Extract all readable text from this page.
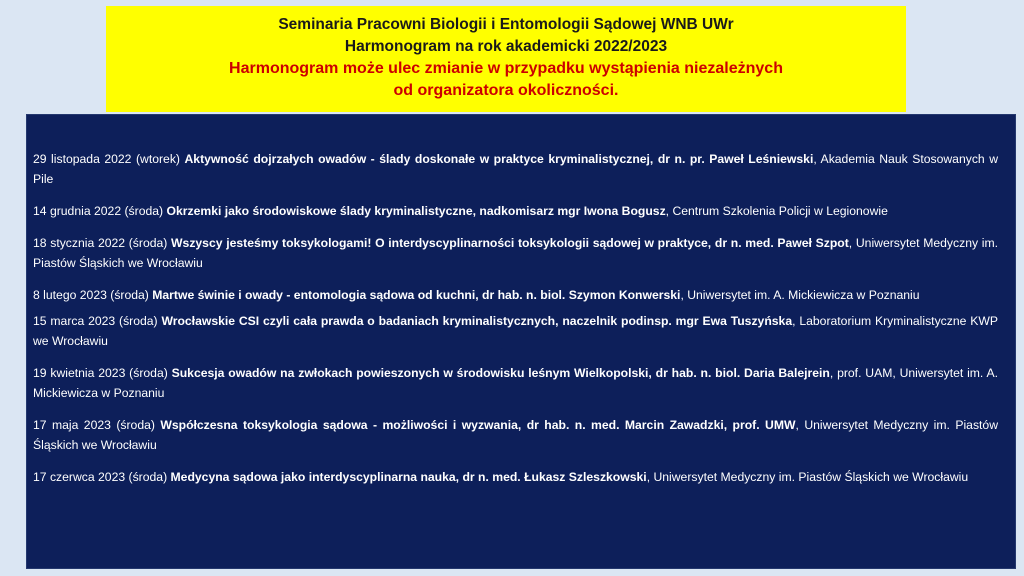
Seminaria Pracowni Biologii i Entomologii Sądowej WNB UWr
Harmonogram na rok akademicki 2022/2023
Harmonogram może ulec zmianie w przypadku wystąpienia niezależnych
od organizatora okoliczności.

29 listopada 2022 (wtorek) Aktywność dojrzałych owadów - ślady doskonałe w praktyce kryminalistycznej, dr n. pr. Paweł Leśniewski, Akademia Nauk Stosowanych w Pile

14 grudnia 2022 (środa) Okrzemki jako środowiskowe ślady kryminalistyczne, nadkomisarz mgr Iwona Bogusz, Centrum Szkolenia Policji w Legionowie

18 stycznia 2022 (środa) Wszyscy jesteśmy toksykologami! O interdyscyplinarności toksykologii sądowej w praktyce, dr n. med. Paweł Szpot, Uniwersytet Medyczny im. Piastów Śląskich we Wrocławiu

8 lutego 2023 (środa) Martwe świnie i owady - entomologia sądowa od kuchni, dr hab. n. biol. Szymon Konwerski, Uniwersytet im. A. Mickiewicza w Poznaniu

15 marca 2023 (środa) Wrocławskie CSI czyli cała prawda o badaniach kryminalistycznych, naczelnik podinsp. mgr Ewa Tuszyńska, Laboratorium Kryminalistyczne KWP we Wrocławiu

19 kwietnia 2023 (środa) Sukcesja owadów na zwłokach powieszonych w środowisku leśnym Wielkopolski, dr hab. n. biol. Daria Balejrein, prof. UAM, Uniwersytet im. A. Mickiewicza w Poznaniu

17 maja 2023 (środa) Współczesna toksykologia sądowa - możliwości i wyzwania, dr hab. n. med. Marcin Zawadzki, prof. UMW, Uniwersytet Medyczny im. Piastów Śląskich we Wrocławiu

17 czerwca 2023 (środa) Medycyna sądowa jako interdyscyplinarna nauka, dr n. med. Łukasz Szleszkowski, Uniwersytet Medyczny im. Piastów Śląskich we Wrocławiu
